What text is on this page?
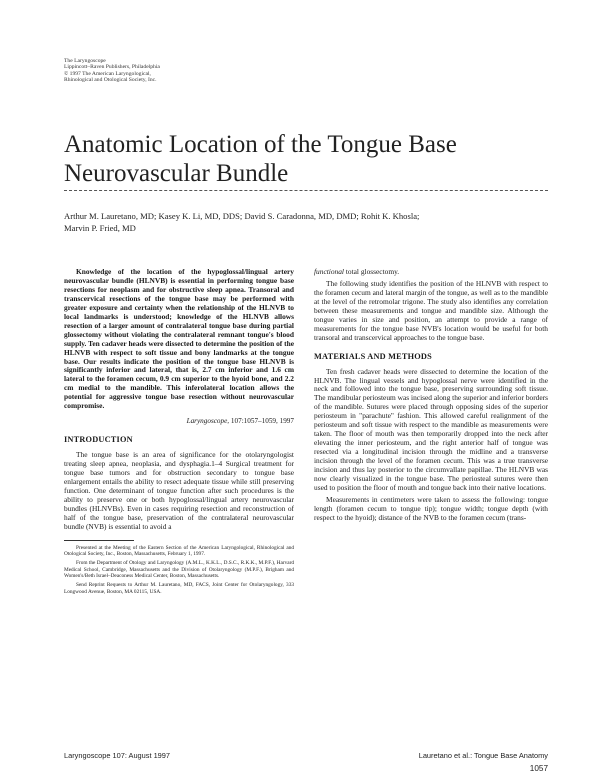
The Laryngoscope
Lippincott–Raven Publishers, Philadelphia
© 1997 The American Laryngological,
Rhinological and Otological Society, Inc.
Anatomic Location of the Tongue Base
Neurovascular Bundle
Arthur M. Lauretano, MD; Kasey K. Li, MD, DDS; David S. Caradonna, MD, DMD; Rohit K. Khosla;
Marvin P. Fried, MD

Knowledge of the location of the hypoglossal/lingual artery neurovascular bundle (HLNVB) is essential in performing tongue base resections for neoplasm and for obstructive sleep apnea. Transoral and transcervical resections of the tongue base may be performed with greater exposure and certainty when the relationship of the HLNVB to local landmarks is understood; knowledge of the HLNVB allows resection of a larger amount of contralateral tongue base during partial glossectomy without violating the contralateral remnant tongue's blood supply. Ten cadaver heads were dissected to determine the position of the HLNVB with respect to soft tissue and bony landmarks at the tongue base. Our results indicate the position of the tongue base HLNVB is significantly inferior and lateral, that is, 2.7 cm inferior and 1.6 cm lateral to the foramen cecum, 0.9 cm superior to the hyoid bone, and 2.2 cm medial to the mandible. This inferolateral location allows the potential for aggressive tongue base resection without neurovascular compromise.

Laryngoscope, 107:1057–1059, 1997
INTRODUCTION

The tongue base is an area of significance for the otolaryngologist treating sleep apnea, neoplasia, and dysphagia.1–4 Surgical treatment for tongue base tumors and for obstruction secondary to tongue base enlargement entails the ability to resect adequate tissue while still preserving function. One determinant of tongue function after such procedures is the ability to preserve one or both hypoglossal/lingual artery neurovascular bundles (HLNVBs). Even in cases requiring resection and reconstruction of half of the tongue base, preservation of the contralateral neurovascular bundle (NVB) is essential to avoid a

Presented at the Meeting of the Eastern Section of the American Laryngological, Rhinological and Otological Society, Inc., Boston, Massachusetts, February 1, 1997.

From the Department of Otology and Laryngology (A.M.L., K.K.L., D.S.C., R.K.K., M.P.F.), Harvard Medical School, Cambridge, Massachusetts and the Division of Otolaryngology (M.P.F.), Brigham and Women's/Beth Israel–Deaconess Medical Center, Boston, Massachusetts.

Send Reprint Requests to Arthur M. Lauretano, MD, FACS, Joint Center for Otolaryngology, 333 Longwood Avenue, Boston, MA 02115, USA.

functional total glossectomy.

The following study identifies the position of the HLNVB with respect to the foramen cecum and lateral margin of the tongue, as well as to the mandible at the level of the retromolar trigone. The study also identifies any correlation between these measurements and tongue and mandible size. Although the tongue varies in size and position, an attempt to provide a range of measurements for the tongue base NVB's location would be useful for both transoral and transcervical approaches to the tongue base.

MATERIALS AND METHODS

Ten fresh cadaver heads were dissected to determine the location of the HLNVB. The lingual vessels and hypoglossal nerve were identified in the neck and followed into the tongue base, preserving surrounding soft tissue. The mandibular periosteum was incised along the superior and inferior borders of the mandible. Sutures were placed through opposing sides of the superior periosteum in "parachute" fashion. This allowed careful realignment of the periosteum and soft tissue with respect to the mandible as measurements were taken. The floor of mouth was then temporarily dropped into the neck after elevating the inner periosteum, and the right anterior half of tongue was resected via a longitudinal incision through the midline and a transverse incision through the level of the foramen cecum. This was a true transverse incision and thus lay posterior to the circumvallate papillae. The HLNVB was now clearly visualized in the tongue base. The periosteal sutures were then used to position the floor of mouth and tongue back into their native locations.

Measurements in centimeters were taken to assess the following: tongue length (foramen cecum to tongue tip); tongue width; tongue depth (with respect to the hyoid); distance of the NVB to the foramen cecum (trans-

Laryngoscope 107: August 1997	Lauretano et al.: Tongue Base Anatomy
1057
